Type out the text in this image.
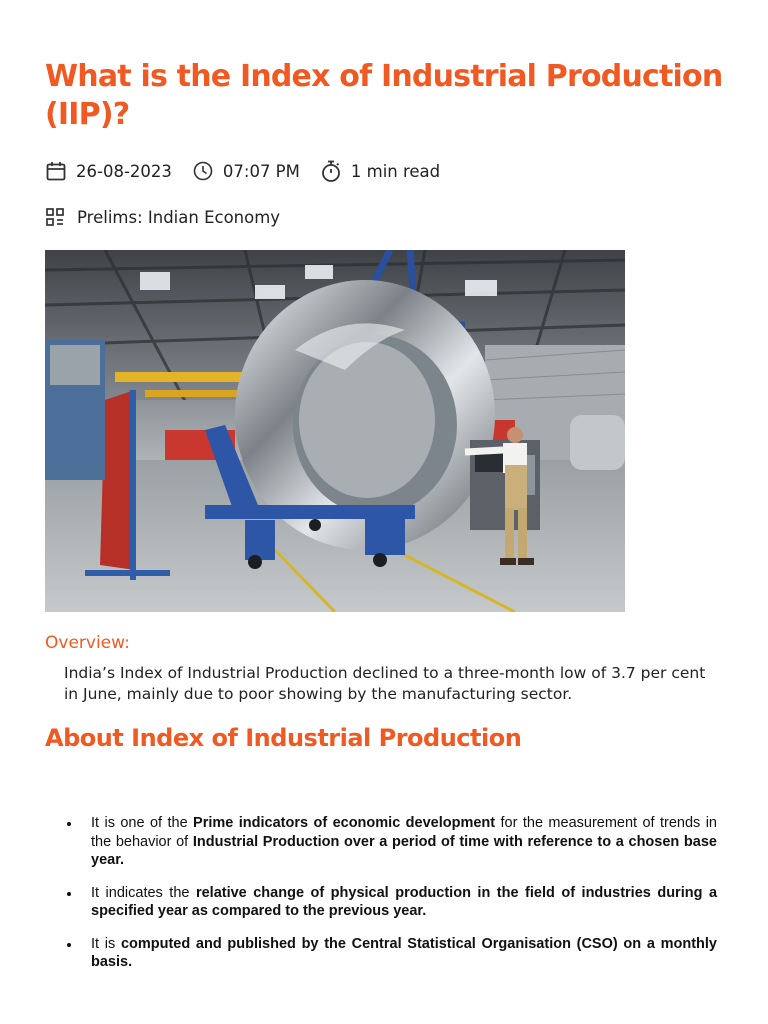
What is the Index of Industrial Production (IIP)?
26-08-2023	07:07 PM	1 min read
Prelims: Indian Economy
Overview:

India’s Index of Industrial Production declined to a three-month low of 3.7 per cent in June, mainly due to poor showing by the manufacturing sector.

About Index of Industrial Production
It is one of the Prime indicators of economic development for the measurement of trends in the behavior of Industrial Production over a period of time with reference to a chosen base year.
It indicates the relative change of physical production in the field of industries during a specified year as compared to the previous year.
It is computed and published by the Central Statistical Organisation (CSO) on a monthly basis.
